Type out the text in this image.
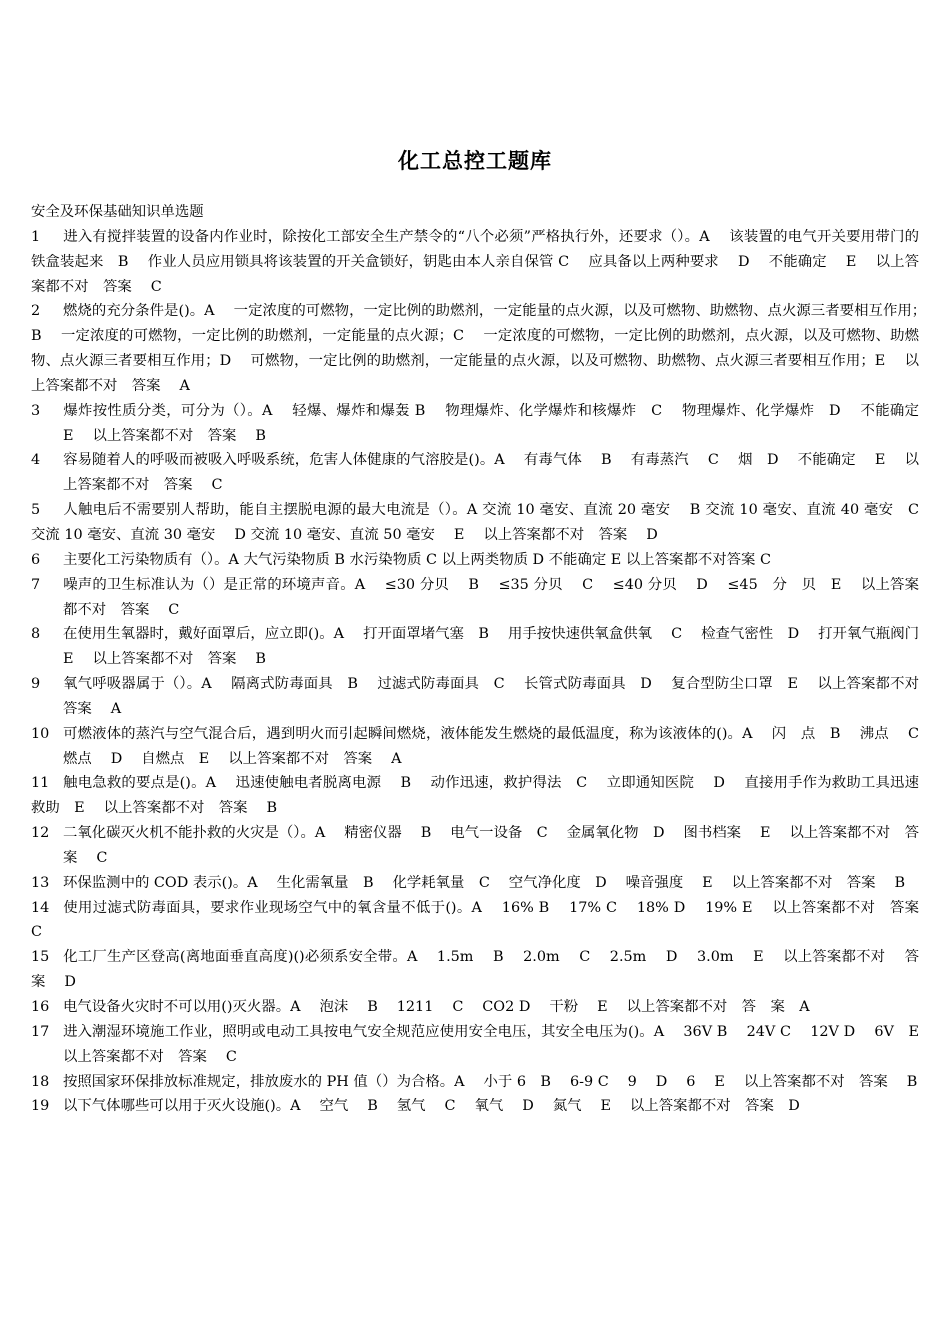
化工总控工题库

安全及环保基础知识单选题

1 进入有搅拌装置的设备内作业时，除按化工部安全生产禁令的“八个必须”严格执行外，还要求（）。A　 该装置的电气开关要用带门的铁盒装起来　B　 作业人员应用锁具将该装置的开关盒锁好，钥匙由本人亲自保管 C　 应具备以上两种要求　 D　 不能确定　 E　 以上答案都不对　答案　 C

2 燃烧的充分条件是()。A　 一定浓度的可燃物，一定比例的助燃剂，一定能量的点火源，以及可燃物、助燃物、点火源三者要相互作用；　B　 一定浓度的可燃物，一定比例的助燃剂，一定能量的点火源；C　 一定浓度的可燃物，一定比例的助燃剂，点火源，以及可燃物、助燃物、点火源三者要相互作用；D　 可燃物，一定比例的助燃剂，一定能量的点火源，以及可燃物、助燃物、点火源三者要相互作用；E　 以上答案都不对　答案　 A

3 爆炸按性质分类，可分为（）。A　 轻爆、爆炸和爆轰 B　 物理爆炸、化学爆炸和核爆炸　C　 物理爆炸、化学爆炸　D　 不能确定　 E　 以上答案都不对　答案　 B

4 容易随着人的呼吸而被吸入呼吸系统，危害人体健康的气溶胶是()。A　 有毒气体　 B　 有毒蒸汽　 C　 烟　D　 不能确定　 E　 以上答案都不对　答案　 C

5 人触电后不需要别人帮助，能自主摆脱电源的最大电流是（）。A 交流 10 毫安、直流 20 毫安　 B 交流 10 毫安、直流 40 毫安　C 交流 10 毫安、直流 30 毫安　 D 交流 10 毫安、直流 50 毫安　 E　 以上答案都不对　答案　 D

6 主要化工污染物质有（）。A 大气污染物质 B 水污染物质 C 以上两类物质 D 不能确定 E 以上答案都不对答案 C

7 噪声的卫生标准认为（）是正常的环境声音。A　 ≤30 分贝　 B　 ≤35 分贝　 C　 ≤40 分贝　 D　 ≤45　分　贝　E　 以上答案都不对　答案　 C

8 在使用生氧器时，戴好面罩后，应立即()。A　 打开面罩堵气塞　B　 用手按快速供氧盒供氧　 C　 检查气密性　D　 打开氧气瓶阀门　E　 以上答案都不对　答案　 B

9 氧气呼吸器属于（）。A　 隔离式防毒面具　B　 过滤式防毒面具　C　 长管式防毒面具　D　 复合型防尘口罩　E　 以上答案都不对　答案　 A

10 可燃液体的蒸汽与空气混合后，遇到明火而引起瞬间燃烧，液体能发生燃烧的最低温度，称为该液体的()。A　 闪　点　B　 沸点　 C　 燃点　 D　 自燃点　E　 以上答案都不对　答案　 A

11 触电急救的要点是()。A　 迅速使触电者脱离电源　 B　 动作迅速，救护得法　C　 立即通知医院　 D　 直接用手作为救助工具迅速救助　E　 以上答案都不对　答案　 B

12 二氧化碳灭火机不能扑救的火灾是（）。A　 精密仪器　 B　 电气一设备　C　 金属氧化物　D　 图书档案　 E　 以上答案都不对　答案　 C

13 环保监测中的 COD 表示()。A　 生化需氧量　B　 化学耗氧量　C　 空气净化度　D　 噪音强度　 E　 以上答案都不对　答案　 B

14 使用过滤式防毒面具，要求作业现场空气中的氧含量不低于()。A　 16% B　 17% C　 18% D　 19% E　 以上答案都不对　答案　 C

15 化工厂生产区登高(离地面垂直高度)()必须系安全带。A　 1.5m　 B　 2.0m　 C　 2.5m　 D　 3.0m　 E　 以上答案都不对　 答案　 D

16 电气设备火灾时不可以用()灭火器。A　 泡沫　 B　 1211　 C　 CO2 D　 干粉　 E　 以上答案都不对　答　案　A

17 进入潮湿环境施工作业，照明或电动工具按电气安全规范应使用安全电压，其安全电压为()。A　 36V B　 24V C　 12V D　 6V　E　 以上答案都不对　答案　 C

18 按照国家环保排放标准规定，排放废水的 PH 值（）为合格。A　 小于 6　B　 6-9 C　 9　 D　 6　 E　 以上答案都不对　答案　 B

19 以下气体哪些可以用于灭火设施()。A　 空气　 B　 氢气　 C　 氧气　 D　 氮气　 E　 以上答案都不对　答案　D
